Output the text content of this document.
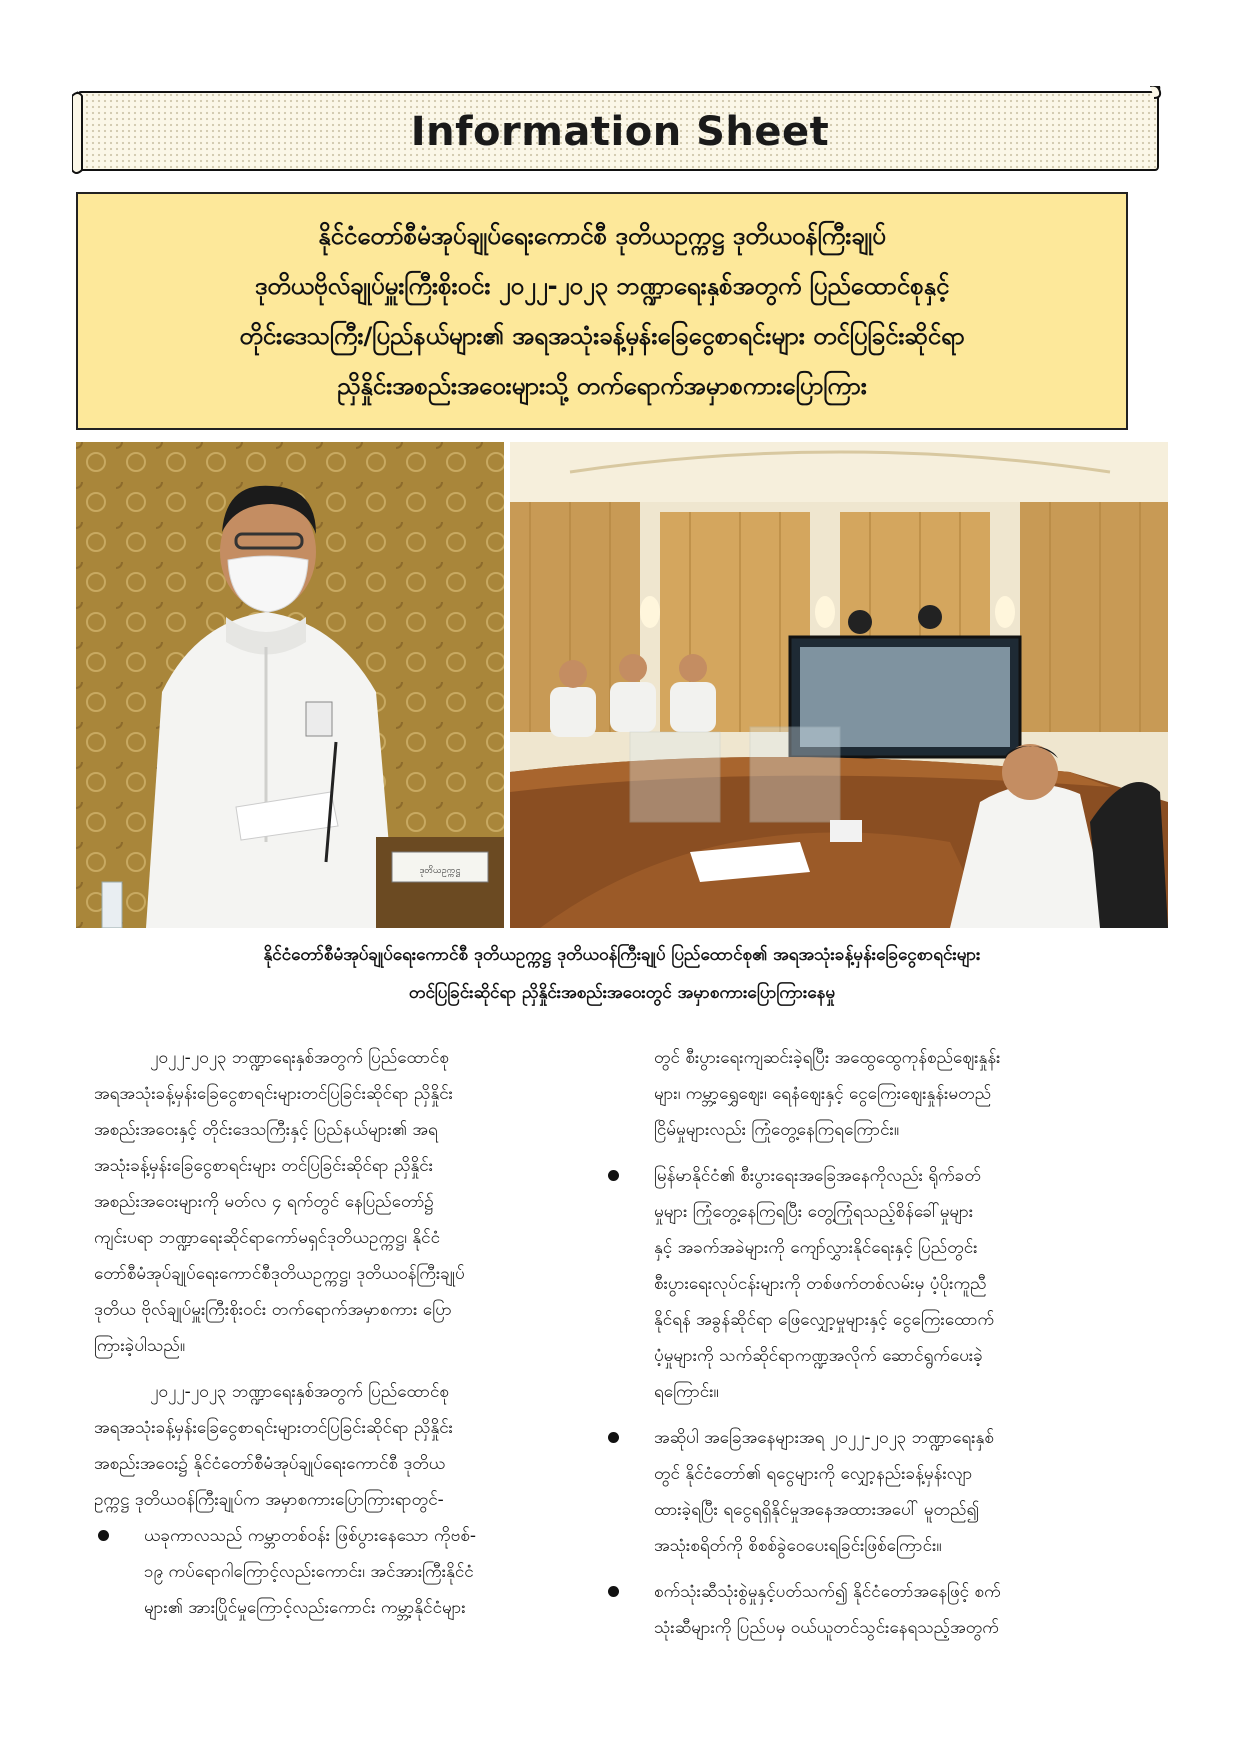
Information Sheet
နိုင်ငံတော်စီမံအုပ်ချုပ်ရေးကောင်စီ ဒုတိယဥက္ကဋ္ဌ ဒုတိယဝန်ကြီးချုပ်
ဒုတိယဗိုလ်ချုပ်မှူးကြီးစိုးဝင်း ၂၀၂၂-၂၀၂၃ ဘဏ္ဍာရေးနှစ်အတွက် ပြည်ထောင်စုနှင့်
တိုင်းဒေသကြီး/ပြည်နယ်များ၏ အရအသုံးခန့်မှန်းခြေငွေစာရင်းများ တင်ပြခြင်းဆိုင်ရာ
ညှိနှိုင်းအစည်းအဝေးများသို့ တက်ရောက်အမှာစကားပြောကြား
ဒုတိယဥက္ကဋ္ဌ
နိုင်ငံတော်စီမံအုပ်ချုပ်ရေးကောင်စီ ဒုတိယဥက္ကဋ္ဌ ဒုတိယဝန်ကြီးချုပ် ပြည်ထောင်စု၏ အရအသုံးခန့်မှန်းခြေငွေစာရင်းများ
တင်ပြခြင်းဆိုင်ရာ ညှိနှိုင်းအစည်းအဝေးတွင် အမှာစကားပြောကြားနေမှု

၂၀၂၂-၂၀၂၃ ဘဏ္ဍာရေးနှစ်အတွက် ပြည်ထောင်စု
အရအသုံးခန့်မှန်းခြေငွေစာရင်းများတင်ပြခြင်းဆိုင်ရာ ညှိနှိုင်း
အစည်းအဝေးနှင့် တိုင်းဒေသကြီးနှင့် ပြည်နယ်များ၏ အရ
အသုံးခန့်မှန်းခြေငွေစာရင်းများ တင်ပြခြင်းဆိုင်ရာ ညှိနှိုင်း
အစည်းအဝေးများကို မတ်လ ၄ ရက်တွင် နေပြည်တော်၌
ကျင်းပရာ ဘဏ္ဍာရေးဆိုင်ရာကော်မရှင်ဒုတိယဥက္ကဋ္ဌ၊ နိုင်ငံ
တော်စီမံအုပ်ချုပ်ရေးကောင်စီဒုတိယဥက္ကဋ္ဌ၊ ဒုတိယဝန်ကြီးချုပ်
ဒုတိယ ဗိုလ်ချုပ်မှူးကြီးစိုးဝင်း တက်ရောက်အမှာစကား ပြော
ကြားခဲ့ပါသည်။

၂၀၂၂-၂၀၂၃ ဘဏ္ဍာရေးနှစ်အတွက် ပြည်ထောင်စု
အရအသုံးခန့်မှန်းခြေငွေစာရင်းများတင်ပြခြင်းဆိုင်ရာ ညှိနှိုင်း
အစည်းအဝေး၌ နိုင်ငံတော်စီမံအုပ်ချုပ်ရေးကောင်စီ ဒုတိယ
ဥက္ကဋ္ဌ ဒုတိယဝန်ကြီးချုပ်က အမှာစကားပြောကြားရာတွင်-

ယခုကာလသည် ကမ္ဘာတစ်ဝန်း ဖြစ်ပွားနေသော ကိုဗစ်-
၁၉ ကပ်ရောဂါကြောင့်လည်းကောင်း၊ အင်အားကြီးနိုင်ငံ
များ၏ အားပြိုင်မှုကြောင့်လည်းကောင်း ကမ္ဘာ့နိုင်ငံများ
တွင် စီးပွားရေးကျဆင်းခဲ့ရပြီး အထွေထွေကုန်စည်ဈေးနှုန်း
များ၊ ကမ္ဘာ့ရွှေဈေး၊ ရေနံဈေးနှင့် ငွေကြေးဈေးနှုန်းမတည်
ငြိမ်မှုများလည်း ကြုံတွေ့နေကြရကြောင်း။
မြန်မာနိုင်ငံ၏ စီးပွားရေးအခြေအနေကိုလည်း ရိုက်ခတ်
မှုများ ကြုံတွေ့နေကြရပြီး တွေ့ကြုံရသည့်စိန်ခေါ်မှုများ
နှင့် အခက်အခဲများကို ကျော်လွှားနိုင်ရေးနှင့် ပြည်တွင်း
စီးပွားရေးလုပ်ငန်းများကို တစ်ဖက်တစ်လမ်းမှ ပံ့ပိုးကူညီ
နိုင်ရန် အခွန်ဆိုင်ရာ ဖြေလျှော့မှုများနှင့် ငွေကြေးထောက်
ပံ့မှုများကို သက်ဆိုင်ရာကဏ္ဍအလိုက် ဆောင်ရွက်ပေးခဲ့
ရကြောင်း။
အဆိုပါ အခြေအနေများအရ ၂၀၂၂-၂၀၂၃ ဘဏ္ဍာရေးနှစ်
တွင် နိုင်ငံတော်၏ ရငွေများကို လျှော့နည်းခန့်မှန်းလျာ
ထားခဲ့ရပြီး ရငွေရရှိနိုင်မှုအနေအထားအပေါ် မူတည်၍
အသုံးစရိတ်ကို စိစစ်ခွဲဝေပေးရခြင်းဖြစ်ကြောင်း။
စက်သုံးဆီသုံးစွဲမှုနှင့်ပတ်သက်၍ နိုင်ငံတော်အနေဖြင့် စက်
သုံးဆီများကို ပြည်ပမှ ဝယ်ယူတင်သွင်းနေရသည့်အတွက်
